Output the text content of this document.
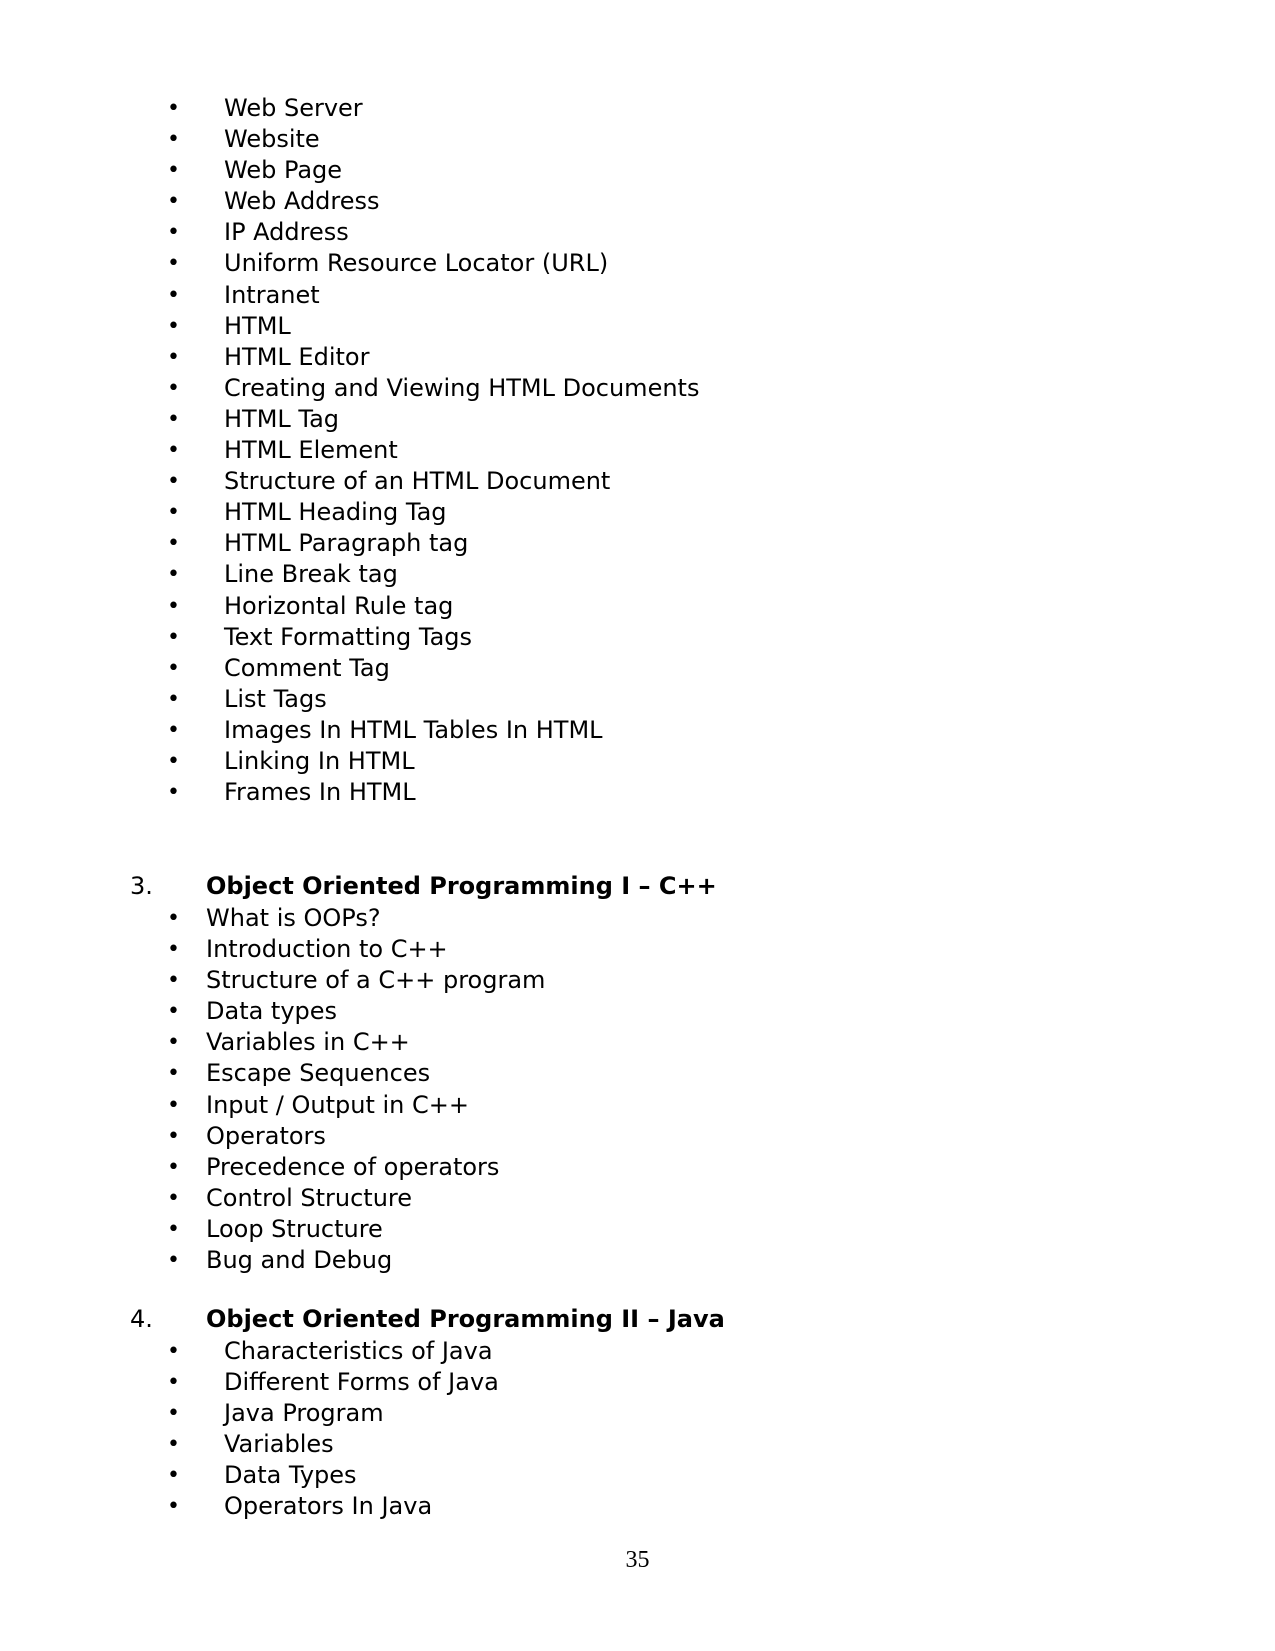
• Web Server
• Website
• Web Page
• Web Address
• IP Address
• Uniform Resource Locator (URL)
• Intranet
• HTML
• HTML Editor
• Creating and Viewing HTML Documents
• HTML Tag
• HTML Element
• Structure of an HTML Document
• HTML Heading Tag
• HTML Paragraph tag
• Line Break tag
• Horizontal Rule tag
• Text Formatting Tags
• Comment Tag
• List Tags
• Images In HTML Tables In HTML
• Linking In HTML
• Frames In HTML
3. Object Oriented Programming I – C++
• What is OOPs?
• Introduction to C++
• Structure of a C++ program
• Data types
• Variables in C++
• Escape Sequences
• Input / Output in C++
• Operators
• Precedence of operators
• Control Structure
• Loop Structure
• Bug and Debug
4. Object Oriented Programming II – Java
• Characteristics of Java
• Different Forms of Java
• Java Program
• Variables
• Data Types
• Operators In Java
35
